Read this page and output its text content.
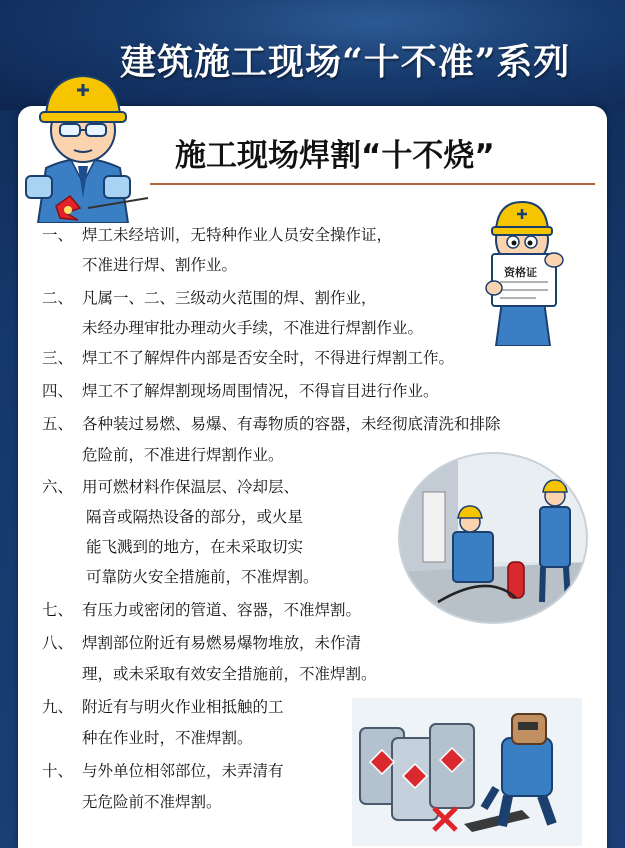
建筑施工现场“十不准”系列
施工现场焊割“十不烧”
资格证
一、 焊工未经培训，无特种作业人员安全操作证，
不准进行焊、割作业。
二、 凡属一、二、三级动火范围的焊、割作业，
未经办理审批办理动火手续，不准进行焊割作业。
三、 焊工不了解焊件内部是否安全时，不得进行焊割工作。
四、 焊工不了解焊割现场周围情况，不得盲目进行作业。
五、 各种装过易燃、易爆、有毒物质的容器，未经彻底清洗和排除
危险前，不准进行焊割作业。
六、 用可燃材料作保温层、冷却层、
隔音或隔热设备的部分，或火星
能飞溅到的地方，在未采取切实
可靠防火安全措施前，不准焊割。
七、 有压力或密闭的管道、容器，不准焊割。
八、 焊割部位附近有易燃易爆物堆放，未作清
理，或未采取有效安全措施前，不准焊割。
九、 附近有与明火作业相抵触的工
种在作业时，不准焊割。
十、 与外单位相邻部位，未弄清有
无危险前不准焊割。
